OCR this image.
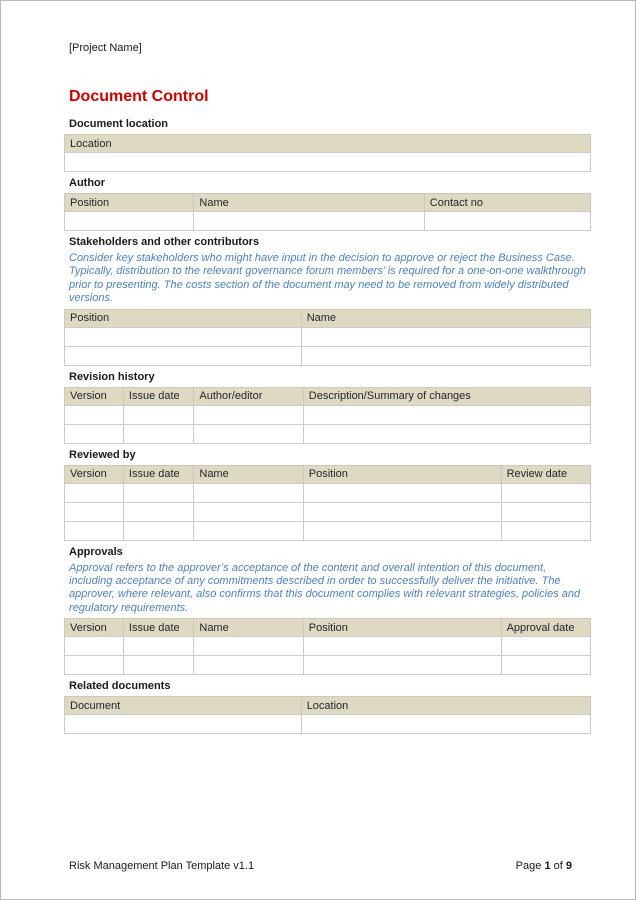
[Project Name]
Document Control
Document location
Location

Author
Position	Name	Contact no

Stakeholders and other contributors

Consider key stakeholders who might have input in the decision to approve or reject the Business Case. Typically, distribution to the relevant governance forum members’ is required for a one-on-one walkthrough prior to presenting. The costs section of the document may need to be removed from widely distributed versions.

Position	Name

Revision history
Version	Issue date	Author/editor	Description/Summary of changes

Reviewed by
Version	Issue date	Name	Position	Review date

Approvals

Approval refers to the approver’s acceptance of the content and overall intention of this document, including acceptance of any commitments described in order to successfully deliver the initiative. The approver, where relevant, also confirms that this document complies with relevant strategies, policies and regulatory requirements.

Version	Issue date	Name	Position	Approval date

Related documents
Document	Location

Risk Management Plan Template v1.1	Page 1 of 9
